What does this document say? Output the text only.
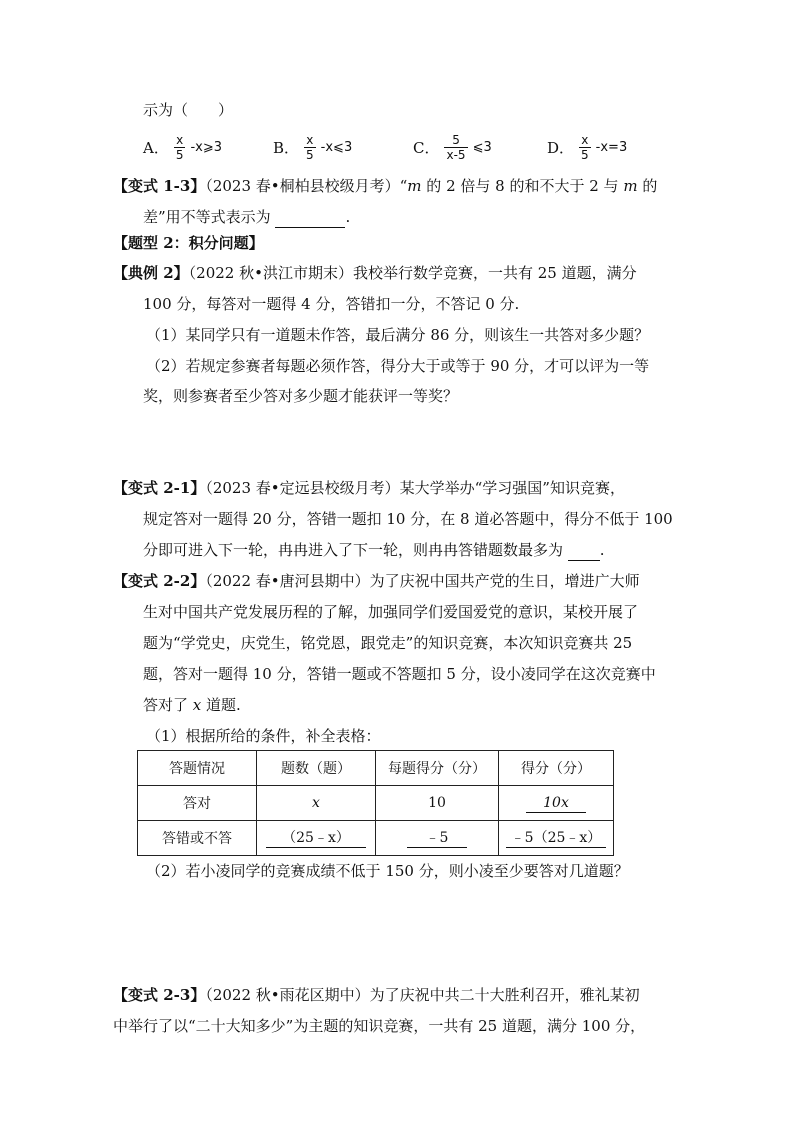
示为（　　）
A． $\frac{x}{5}$ -x⩾3	B． $\frac{x}{5}$ -x⩽3	C． $\frac{5}{x-5}$ ⩽3	D． $\frac{x}{5} -x=3$
【变式 1-3】（2023 春•桐柏县校级月考）“m 的 2 倍与 8 的和不大于 2 与 m 的
差”用不等式表示为	.
【题型 2：积分问题】
【典例 2】（2022 秋•洪江市期末）我校举行数学竞赛，一共有 25 道题，满分
100 分，每答对一题得 4 分，答错扣一分，不答记 0 分.
（1）某同学只有一道题未作答，最后满分 86 分，则该生一共答对多少题？
（2）若规定参赛者每题必须作答，得分大于或等于 90 分，才可以评为一等
奖，则参赛者至少答对多少题才能获评一等奖？
【变式 2-1】（2023 春•定远县校级月考）某大学举办“学习强国”知识竞赛，
规定答对一题得 20 分，答错一题扣 10 分，在 8 道必答题中，得分不低于 100
分即可进入下一轮，冉冉进入了下一轮，则冉冉答错题数最多为 .
【变式 2-2】（2022 春•唐河县期中）为了庆祝中国共产党的生日，增进广大师
生对中国共产党发展历程的了解，加强同学们爱国爱党的意识，某校开展了
题为“学党史，庆党生，铭党恩，跟党走”的知识竞赛，本次知识竞赛共 25
题，答对一题得 10 分，答错一题或不答题扣 5 分，设小凌同学在这次竞赛中
答对了 x 道题.
（1）根据所给的条件，补全表格：
答题情况	题数（题）	每题得分（分）	得分（分）
答对	x	10	10x
答错或不答	（25﹣x）	﹣5	﹣5（25﹣x）
（2）若小凌同学的竞赛成绩不低于 150 分，则小凌至少要答对几道题？
【变式 2-3】（2022 秋•雨花区期中）为了庆祝中共二十大胜利召开，雅礼某初
中举行了以“二十大知多少”为主题的知识竞赛，一共有 25 道题，满分 100 分，
